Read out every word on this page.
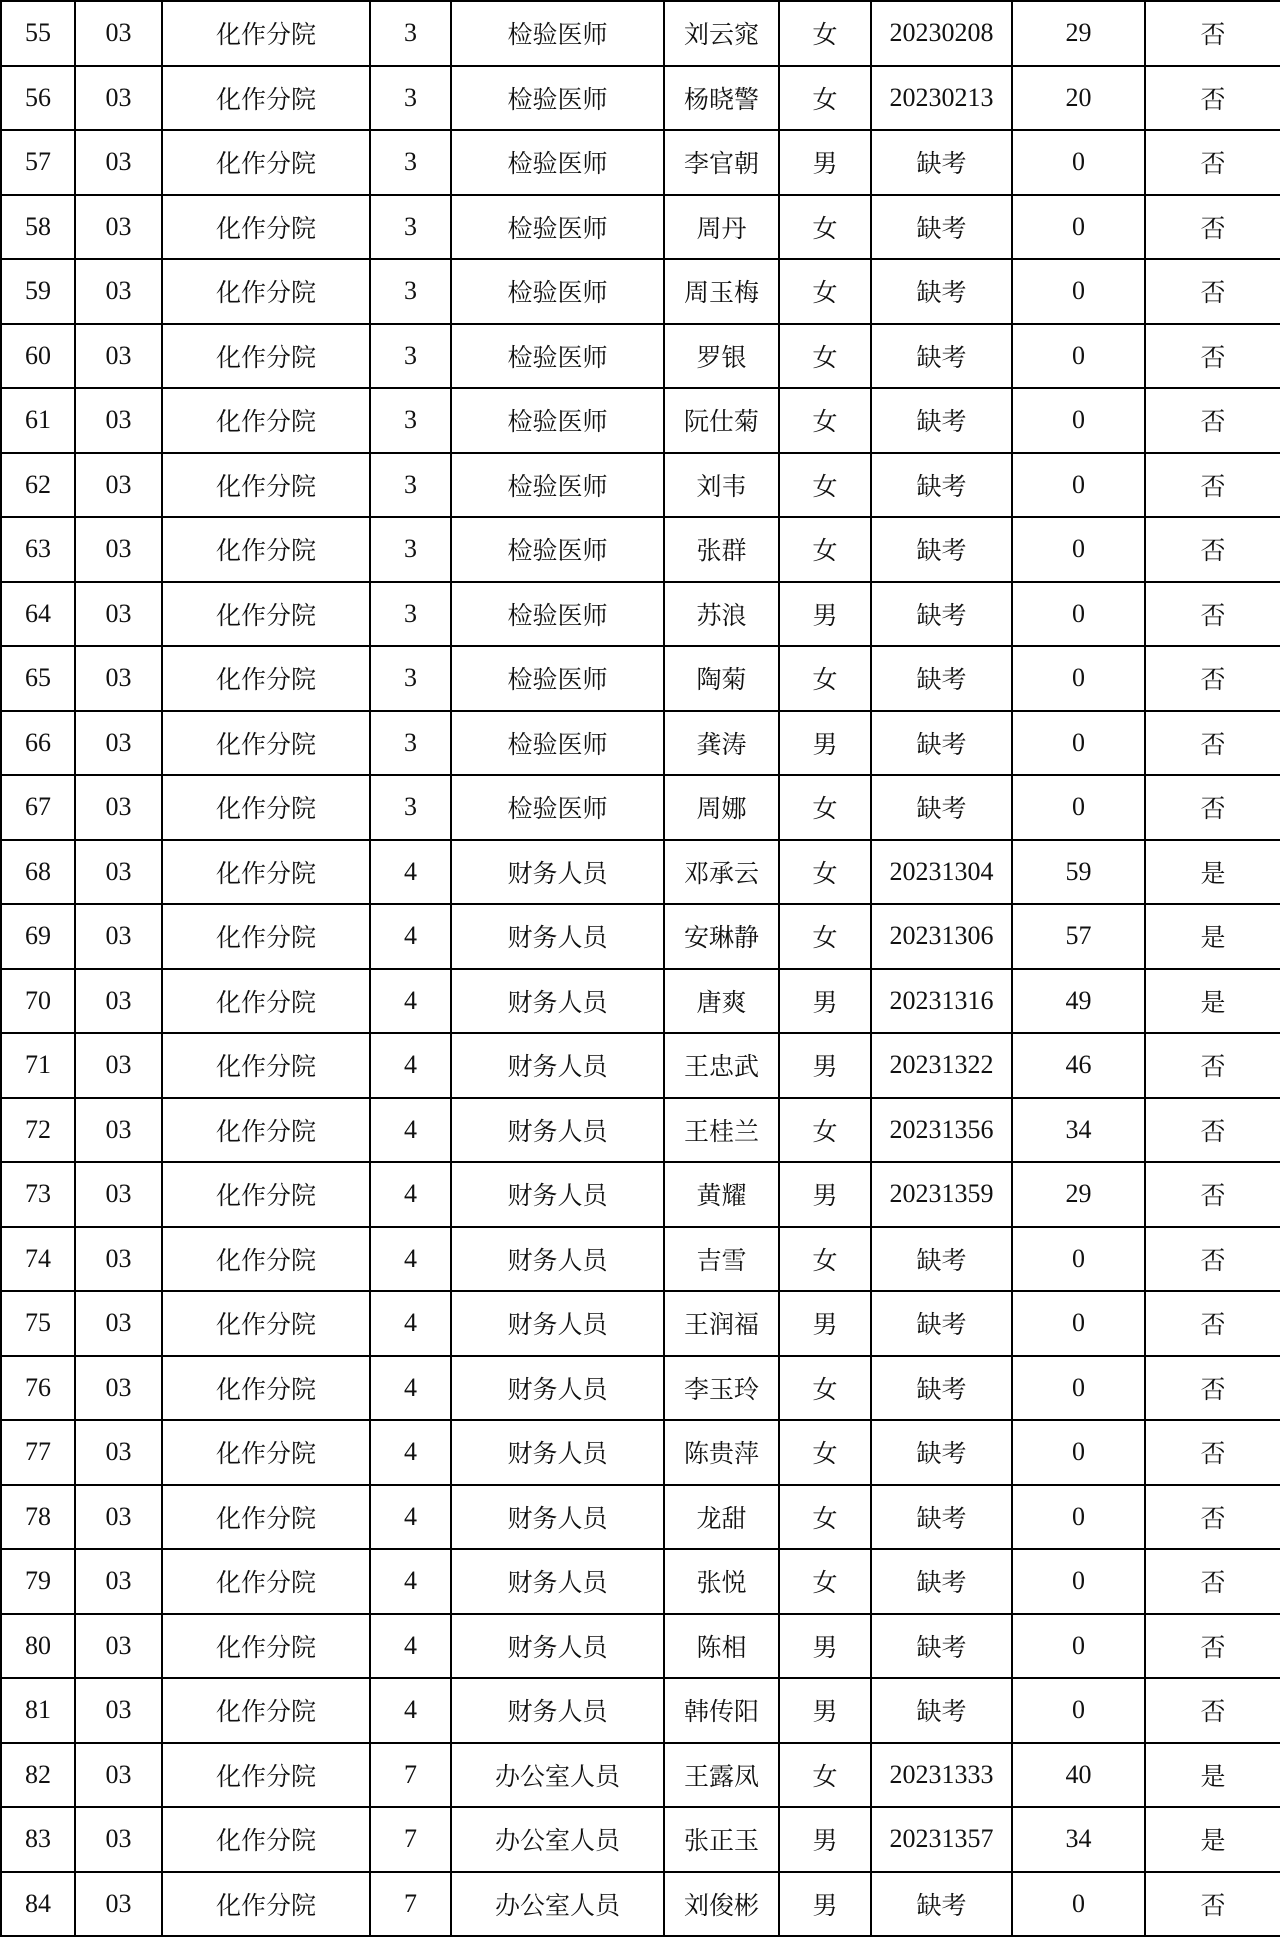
55	03	化作分院	3	检验医师	刘云窕	女	20230208	29	否
56	03	化作分院	3	检验医师	杨晓警	女	20230213	20	否
57	03	化作分院	3	检验医师	李官朝	男	缺考	0	否
58	03	化作分院	3	检验医师	周丹	女	缺考	0	否
59	03	化作分院	3	检验医师	周玉梅	女	缺考	0	否
60	03	化作分院	3	检验医师	罗银	女	缺考	0	否
61	03	化作分院	3	检验医师	阮仕菊	女	缺考	0	否
62	03	化作分院	3	检验医师	刘韦	女	缺考	0	否
63	03	化作分院	3	检验医师	张群	女	缺考	0	否
64	03	化作分院	3	检验医师	苏浪	男	缺考	0	否
65	03	化作分院	3	检验医师	陶菊	女	缺考	0	否
66	03	化作分院	3	检验医师	龚涛	男	缺考	0	否
67	03	化作分院	3	检验医师	周娜	女	缺考	0	否
68	03	化作分院	4	财务人员	邓承云	女	20231304	59	是
69	03	化作分院	4	财务人员	安琳静	女	20231306	57	是
70	03	化作分院	4	财务人员	唐爽	男	20231316	49	是
71	03	化作分院	4	财务人员	王忠武	男	20231322	46	否
72	03	化作分院	4	财务人员	王桂兰	女	20231356	34	否
73	03	化作分院	4	财务人员	黄耀	男	20231359	29	否
74	03	化作分院	4	财务人员	吉雪	女	缺考	0	否
75	03	化作分院	4	财务人员	王润福	男	缺考	0	否
76	03	化作分院	4	财务人员	李玉玲	女	缺考	0	否
77	03	化作分院	4	财务人员	陈贵萍	女	缺考	0	否
78	03	化作分院	4	财务人员	龙甜	女	缺考	0	否
79	03	化作分院	4	财务人员	张悦	女	缺考	0	否
80	03	化作分院	4	财务人员	陈相	男	缺考	0	否
81	03	化作分院	4	财务人员	韩传阳	男	缺考	0	否
82	03	化作分院	7	办公室人员	王露凤	女	20231333	40	是
83	03	化作分院	7	办公室人员	张正玉	男	20231357	34	是
84	03	化作分院	7	办公室人员	刘俊彬	男	缺考	0	否
